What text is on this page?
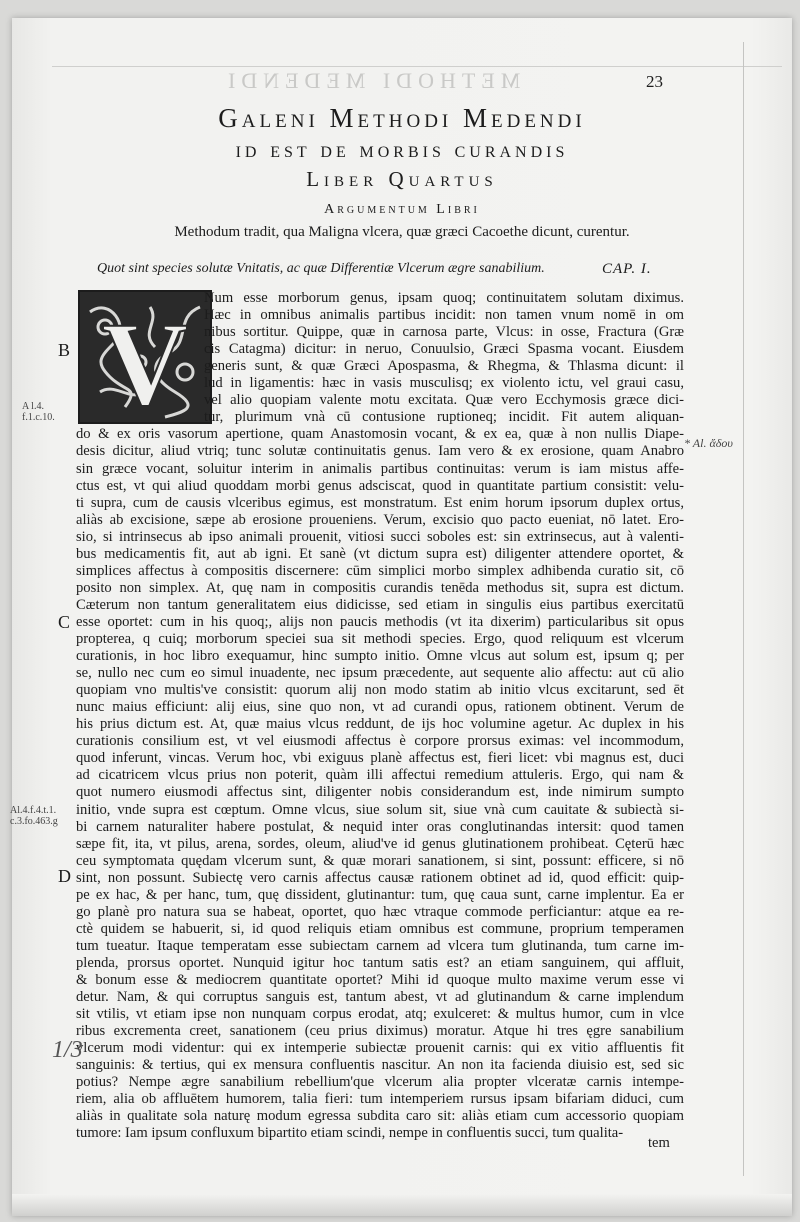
METHODI MEDENDI	23
Galeni Methodi Medendi
id est de morbis curandis
Liber Quartus
Argumentum Libri
Methodum tradit, qua Maligna vlcera, quæ græci Cacoethe dicunt, curentur.
Quot sint species solutæ Vnitatis, ac quæ Differentiæ Vlcerum ægre sanabilium.	CAP. I.
V Num esse morborum genus, ipsam quoq; continuitatem solutam diximus.
Hæc in omnibus animalis partibus incidit: non tamen vnum nomē in om
nibus sortitur. Quippe, quæ in carnosa parte, Vlcus: in osse, Fractura (Græ
cis Catagma) dicitur: in neruo, Conuulsio, Græci Spasma vocant. Eiusdem
generis sunt, & quæ Græci Apospasma, & Rhegma, & Thlasma dicunt: il
lud in ligamentis: hæc in vasis musculisq; ex violento ictu, vel graui casu,
vel alio quopiam valente motu excitata. Quæ vero Ecchymosis græce dici-
tur, plurimum vnà cū contusione ruptioneq; incidit. Fit autem aliquan-
do & ex oris vasorum apertione, quam Anastomosin vocant, & ex ea, quæ à non nullis Diape-
desis dicitur, aliud vtriq; tunc solutæ continuitatis genus. Iam vero & ex erosione, quam Anabro
sin græce vocant, soluitur interim in animalis partibus continuitas: verum is iam mistus affe-
ctus est, vt qui aliud quoddam morbi genus adsciscat, quod in quantitate partium consistit: velu-
ti supra, cum de causis vlceribus egimus, est monstratum. Est enim horum ipsorum duplex ortus,
aliàs ab excisione, sæpe ab erosione proueniens. Verum, excisio quo pacto eueniat, nō latet. Ero-
sio, si intrinsecus ab ipso animali prouenit, vitiosi succi soboles est: sin extrinsecus, aut à valenti-
bus medicamentis fit, aut ab igni. Et sanè (vt dictum supra est) diligenter attendere oportet, &
simplices affectus à compositis discernere: cūm simplici morbo simplex adhibenda curatio sit, cō
posito non simplex. At, quę nam in compositis curandis tenēda methodus sit, supra est dictum.
Cæterum non tantum generalitatem eius didicisse, sed etiam in singulis eius partibus exercitatū
esse oportet: cum in his quoq;, alijs non paucis methodis (vt ita dixerim) particularibus sit opus
propterea, q cuiq; morborum speciei sua sit methodi species. Ergo, quod reliquum est vlcerum
curationis, in hoc libro exequamur, hinc sumpto initio. Omne vlcus aut solum est, ipsum q; per
se, nullo nec cum eo simul inuadente, nec ipsum præcedente, aut sequente alio affectu: aut cū alio
quopiam vno multis've consistit: quorum alij non modo statim ab initio vlcus excitarunt, sed ēt
nunc maius efficiunt: alij eius, sine quo non, vt ad curandi opus, rationem obtinent. Verum de
his prius dictum est. At, quæ maius vlcus reddunt, de ijs hoc volumine agetur. Ac duplex in his
curationis consilium est, vt vel eiusmodi affectus è corpore prorsus eximas: vel incommodum,
quod inferunt, vincas. Verum hoc, vbi exiguus planè affectus est, fieri licet: vbi magnus est, duci
ad cicatricem vlcus prius non poterit, quàm illi affectui remedium attuleris. Ergo, qui nam &
quot numero eiusmodi affectus sint, diligenter nobis considerandum est, inde nimirum sumpto
initio, vnde supra est cœptum. Omne vlcus, siue solum sit, siue vnà cum cauitate & subiectà si-
bi carnem naturaliter habere postulat, & nequid inter oras conglutinandas intersit: quod tamen
sæpe fit, ita, vt pilus, arena, sordes, oleum, aliud've id genus glutinationem prohibeat. Cęterū hæc
ceu symptomata quędam vlcerum sunt, & quæ morari sanationem, si sint, possunt: efficere, si nō
sint, non possunt. Subiectę vero carnis affectus causæ rationem obtinet ad id, quod efficit: quip-
pe ex hac, & per hanc, tum, quę dissident, glutinantur: tum, quę caua sunt, carne implentur. Ea er
go planè pro natura sua se habeat, oportet, quo hæc vtraque commode perficiantur: atque ea re-
ctè quidem se habuerit, si, id quod reliquis etiam omnibus est commune, proprium temperamen
tum tueatur. Itaque temperatam esse subiectam carnem ad vlcera tum glutinanda, tum carne im-
plenda, prorsus oportet. Nunquid igitur hoc tantum satis est? an etiam sanguinem, qui affluit,
& bonum esse & mediocrem quantitate oportet? Mihi id quoque multo maxime verum esse vi
detur. Nam, & qui corruptus sanguis est, tantum abest, vt ad glutinandum & carne implendum
sit vtilis, vt etiam ipse non nunquam corpus erodat, atq; exulceret: & multus humor, cum in vlce
ribus excrementa creet, sanationem (ceu prius diximus) moratur. Atque hi tres ęgre sanabilium
vlcerum modi videntur: qui ex intemperie subiectæ prouenit carnis: qui ex vitio affluentis fit
sanguinis: & tertius, qui ex mensura confluentis nascitur. An non ita facienda diuisio est, sed sic
potius? Nempe ægre sanabilium rebellium'que vlcerum alia propter vlceratæ carnis intempe-
riem, alia ob affluētem humorem, talia fieri: tum intemperiem rursus ipsam bifariam diduci, cum
aliàs in qualitate sola naturę modum egressa subdita caro sit: aliàs etiam cum accessorio quopiam
tumore: Iam ipsum confluxum bipartito etiam scindi, nempe in confluentis succi, tum qualita-
B
A l.4. f.1.c.10.
* Al. ἄδου
C
Al.4.f.4.t.1. c.3.fo.463.g
D
1/3
tem
